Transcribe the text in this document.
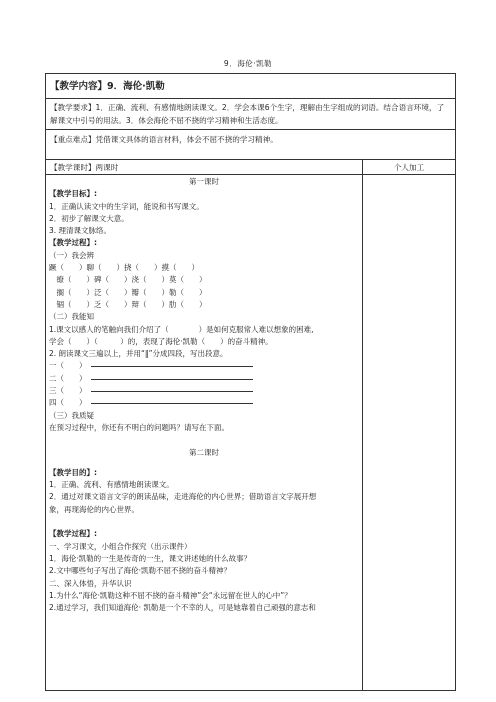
9．海伦·凯勒
【教学内容】9．海伦·凯勒
【教学要求】1．正确、流利、有感情地朗读课文。2．学会本课6个生字，理解由生字组成的词语。结合语言环境，了解课文中引号的用法。3．体会海伦不屈不挠的学习精神和生活态度。
【重点难点】凭借课文具体的语言材料，体会不屈不挠的学习精神。
【教学课时】两课时	个人加工
第一课时
【教学目标】:
1．正确认读文中的生字词，能说和书写课文。
2．初步了解课文大意。
3. 理清课文脉络。
【教学过程】:
（一）我会辨
蹶（　　）聊（　　）挠（　　）摸（　　）
　缭（　　）碑（　　）浇（　　）莫（　　）
　搁（　　）泛（　　）瓣（　　）勒（　　）
　锢（　　）乏（　　）辩（　　）肋（　　）
（二）我能知
1.课文以感人的笔触向我们介绍了（　　　　）是如何克服常人难以想象的困难,
学会（　　）（　　　）的，表现了海伦·凯勒（　　）的奋斗精神。
2. 朗读课文三遍以上，并用“‖”分成四段，写出段意。
一（　　）
二（　　）
三（　　）
四（　　）
（三）我质疑
在预习过程中，你还有不明白的问题吗？请写在下面。
第二课时
【教学目的】:
1．正确、流利、有感情地朗读课文。
2．通过对课文语言文字的朗读品味，走进海伦的内心世界；借助语言文字展开想
象，再现海伦的内心世界。
【教学过程】:
一、学习课文，小组合作探究（出示课件）
1．海伦·凯勒的一生是传奇的一生，课文讲述她的什么故事？
2.文中哪些句子写出了海伦·凯勒不屈不挠的奋斗精神？
二、深入体悟，升华认识
1.为什么“海伦·凯勒这种不屈不挠的奋斗精神”会“永远留在世人的心中”？
2.通过学习，我们知道海伦· 凯勒是一个不幸的人，可是她靠着自己顽强的意志和
